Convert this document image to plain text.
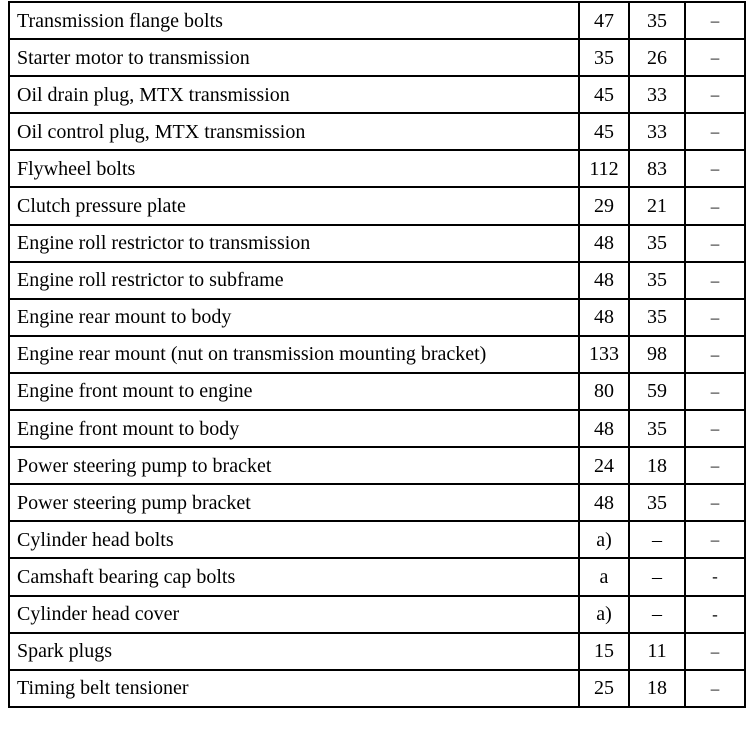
Transmission flange bolts	47	35	–
Starter motor to transmission	35	26	–
Oil drain plug, MTX transmission	45	33	–
Oil control plug, MTX transmission	45	33	–
Flywheel bolts	112	83	–
Clutch pressure plate	29	21	–
Engine roll restrictor to transmission	48	35	–
Engine roll restrictor to subframe	48	35	–
Engine rear mount to body	48	35	–
Engine rear mount (nut on transmission mounting bracket)	133	98	–
Engine front mount to engine	80	59	–
Engine front mount to body	48	35	–
Power steering pump to bracket	24	18	–
Power steering pump bracket	48	35	–
Cylinder head bolts	a)	–	–
Camshaft bearing cap bolts	a	–	-
Cylinder head cover	a)	–	-
Spark plugs	15	11	–
Timing belt tensioner	25	18	–
